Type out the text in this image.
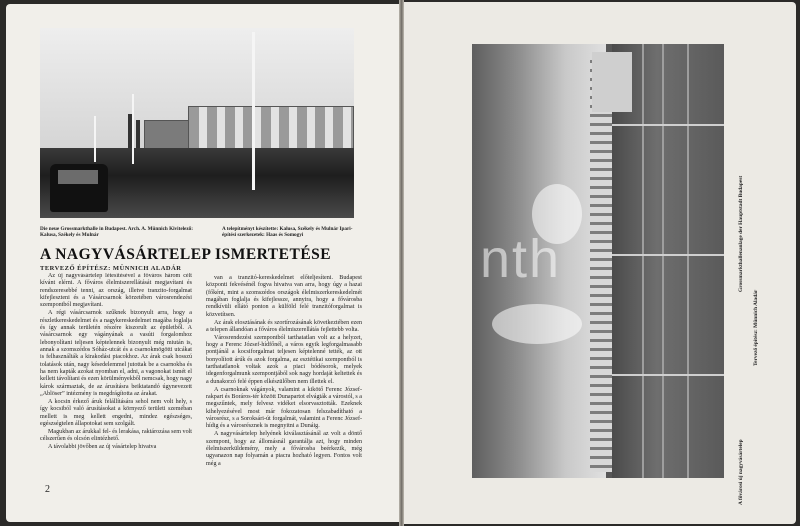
Die neue Grossmarkthalle in Budapest. Arch. A. Münnich Kivitelező: Kalusa, Székely és Mulnár
A telepítményt készítette: Kalusa, Székely és Mulnár Ipari-építési szerkezetek: Haas és Somogyi
A NAGYVÁSÁRTELEP ISMERTETÉSE
TERVEZŐ ÉPÍTÉSZ: MÜNNICH ALADÁR

Az új nagyvásártelep létesítésével a főváros három célt kívánt elérni. A főváros élelmiszerellátását megjavítani és rendszeresebbé tenni, az ország, illetve tranzito-forgalmat kifejleszteni és a Vásárcsarnok körzetében városrendezési szempontból megjavítani.

A régi vásárcsarnok szűknek bizonyult arra, hogy a részletkereskedelmet és a nagykereskedelmet magába foglalja és így annak területén részére kiszorult az épületből. A vásárcsarnok egy vágányának a vasúti forgalomhoz lebonyolítani teljesen képtelennek bizonyult még miután is, annak a szomszédos Sóház-utcát és a csarnokmögötti utcákat is felhasználták a kirakodási piacokhoz. Az árak csak hosszú tolatások után, nagy késedelemmel jutottak be a csarnokba és ha nem kapták azokat nyomban el, adni, a vagonokat ismét el kellett távolítani és ezen körülményekből nemcsak, hogy nagy károk származtak, de az árusításra beiktatandó úgynevezett „Ablöser” intézmény is megdrágította az árakat.

A kocsin érkező áruk felállítására sehol nem volt hely, s így kocsiból való árusításokat a környező területi szeméban mellett is meg kellett engedni, mindez egészséges, egészségtelen állapotokat sem szolgált.

Magukban az árukkal fel- és lerakása, raktározása sem volt célszerűen és olcsón elintézhető.

A távolabbi jövőben az új vásártelep hivatva

van a tranzitó-kereskedelmet előteljesíteni. Budapest központi fekvésénél fogva hivatva van arra, hogy úgy a hazai (főként, mint a szomszédos országok élelmiszerkereskedelmét magában foglalja és kifejlessze, annyira, hogy a fővárosba rendkívüli ellátó ponton a külföld felé tranzitóforgalmat is közvetítsen.

Az árak elosztásának és szortírozásának következtében ezen a telepen állandóan a főváros élelmiszerellátás fejlettebb volta.

Városrendezési szempontból tarthatatlan volt az a helyzet, hogy a Ferenc József-hídfőnél, a város egyik legforgalmasabb pontjánál a kocsiforgalmat teljesen képtelenné tették, az ott bonyolított árúk és azok forgalma, az esztétikai szempontból is tarthatatlanok voltak azok a piaci bódésorok, melyek idegenforgalmunk szempontjából sok nagy hordaját keltettek és a dunakorzó felé éppen elkészülőben nem illettek el.

A csarnoknak vágányok, valamint a kikötő Ferenc József-rakpart és Boráros-tér között Dunapartot elvágták a várostól, s a megszűntek, mely felvesz vidéket elsorvasztották. Ezeknek kihelyezésével most már fokozatosan felszabadítható a városrész, s a Soroksári-út forgalmát, valamint a Ferenc József-hídig és a városrésznek is megnyitni a Dunáig.

A nagyvásártelep helyének kiválasztásánál az volt a döntő szempont, hogy az állomásnál garantálja azt, hogy minden élelmiszerküldemény, mely a fővárosba beérkezik, még ugyanazon nap folyamán a piacra hozható legyen. Fontos volt még a

2
nth	Grossmarkthallenanlage der Hauptstadt Budapest
Tervező építész: Münnich Aladár
A fővárosi új nagyvásártelep
